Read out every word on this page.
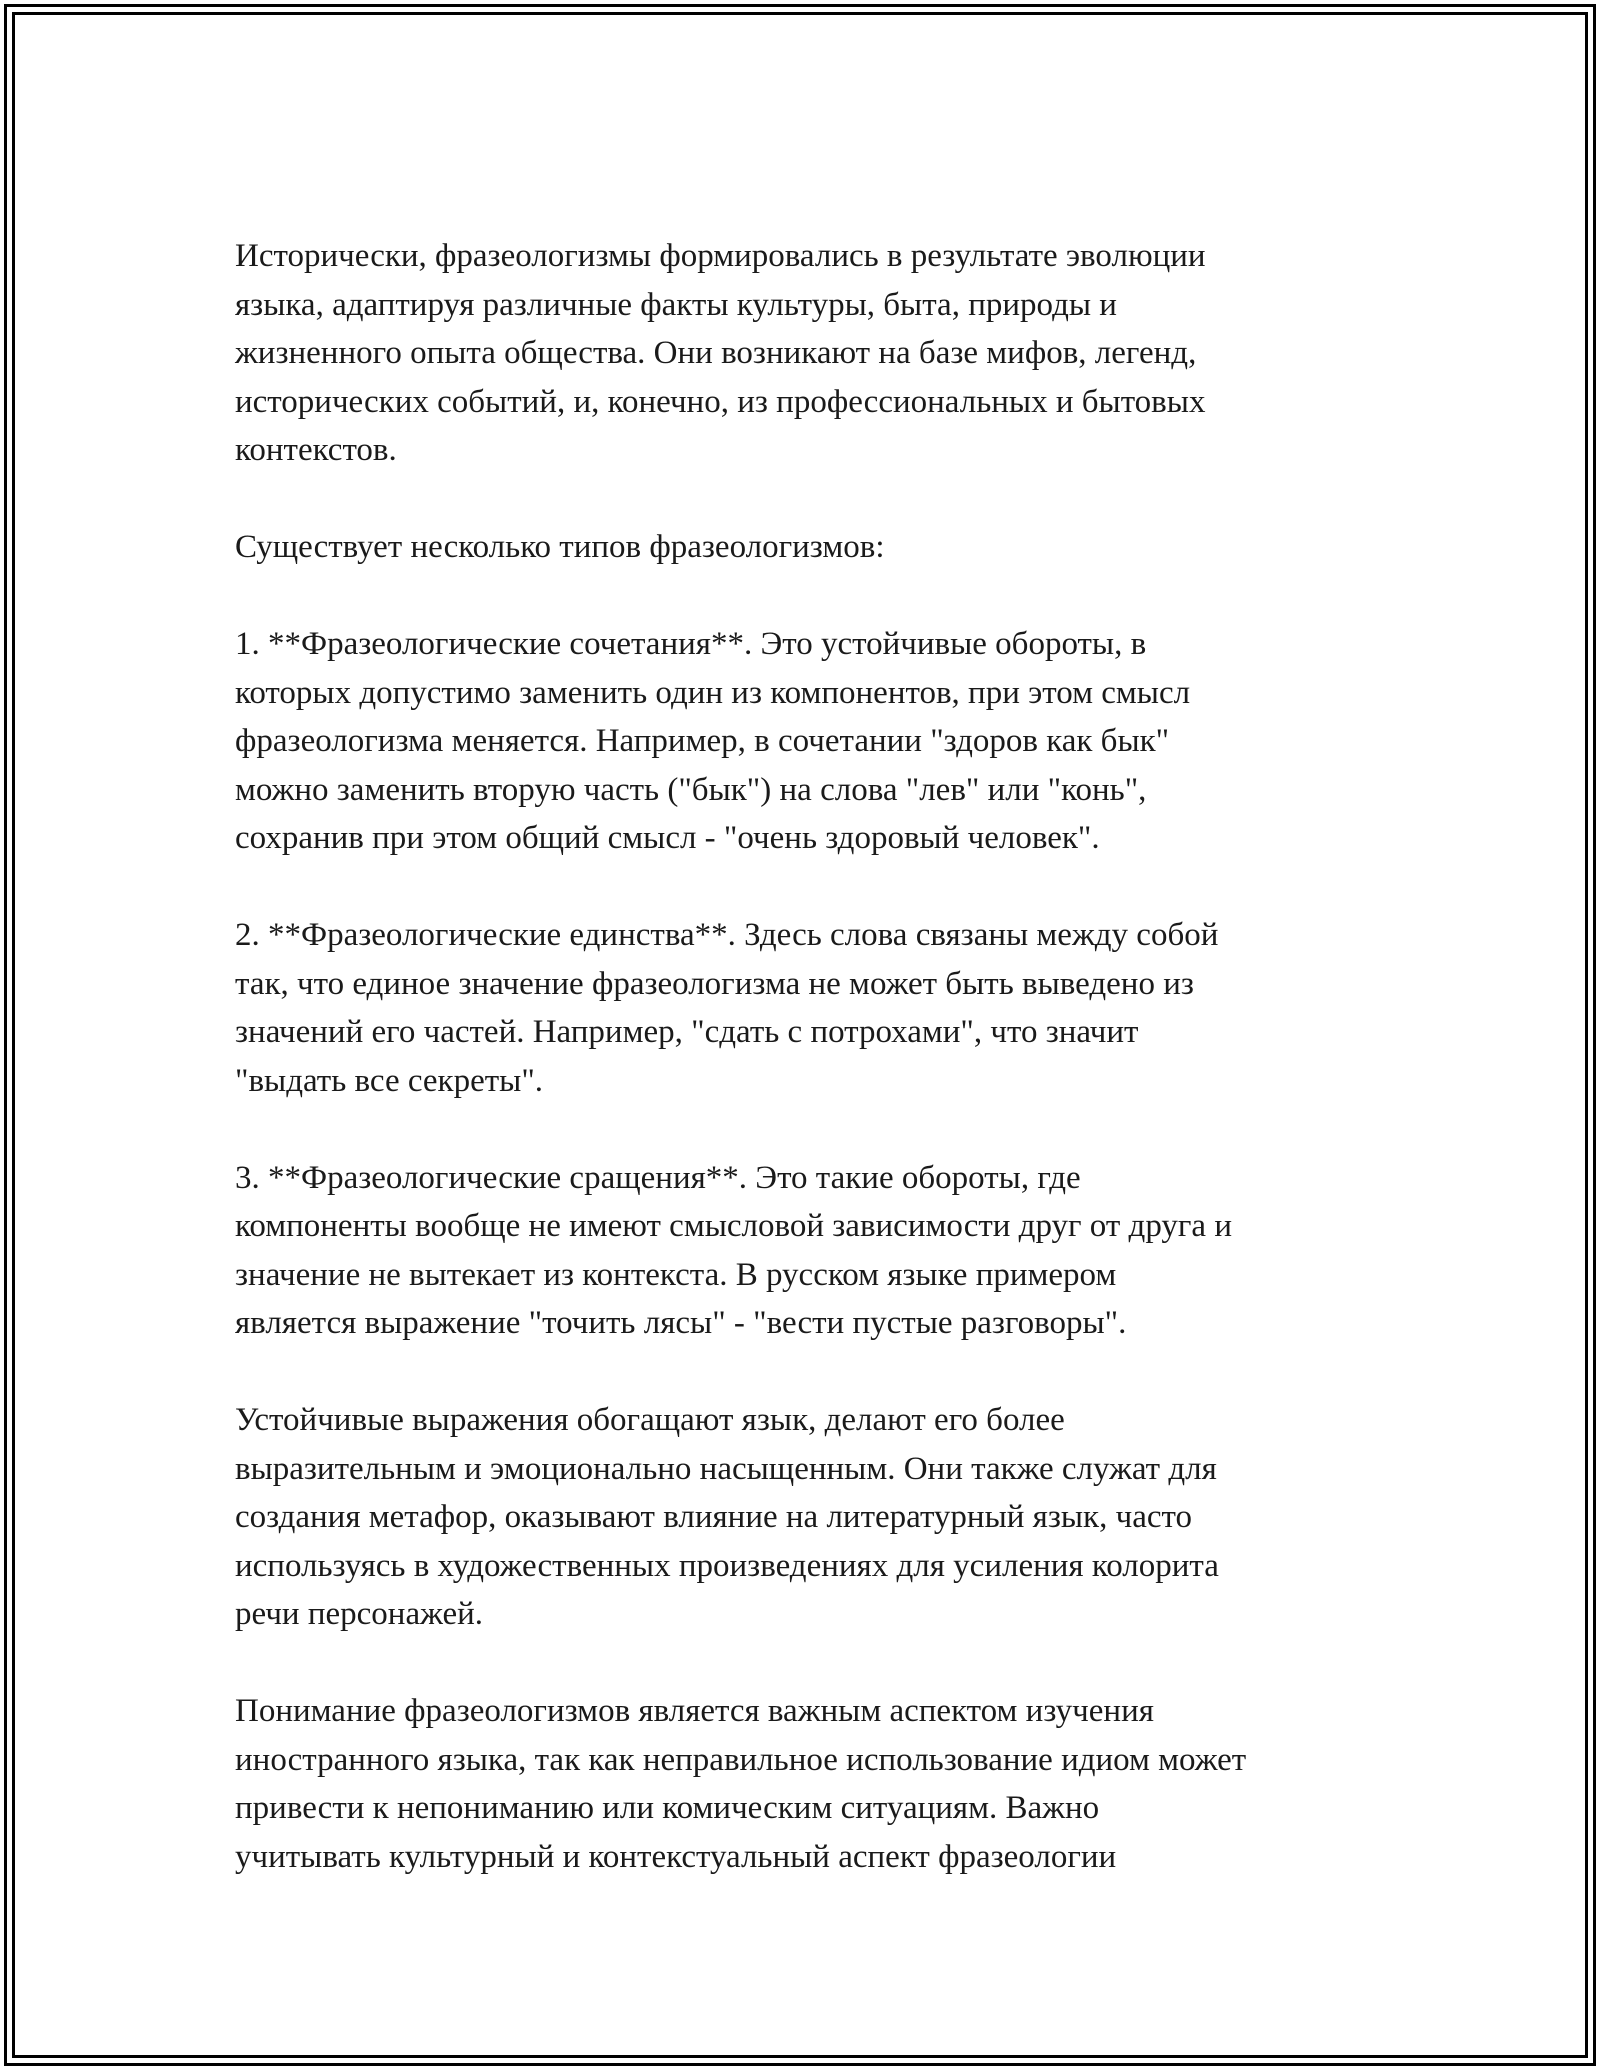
Исторически, фразеологизмы формировались в результате эволюции
языка, адаптируя различные факты культуры, быта, природы и
жизненного опыта общества. Они возникают на базе мифов, легенд,
исторических событий, и, конечно, из профессиональных и бытовых
контекстов.

Существует несколько типов фразеологизмов:

1. **Фразеологические сочетания**. Это устойчивые обороты, в
которых допустимо заменить один из компонентов, при этом смысл
фразеологизма меняется. Например, в сочетании "здоров как бык"
можно заменить вторую часть ("бык") на слова "лев" или "конь",
сохранив при этом общий смысл - "очень здоровый человек".

2. **Фразеологические единства**. Здесь слова связаны между собой
так, что единое значение фразеологизма не может быть выведено из
значений его частей. Например, "сдать с потрохами", что значит
"выдать все секреты".

3. **Фразеологические сращения**. Это такие обороты, где
компоненты вообще не имеют смысловой зависимости друг от друга и
значение не вытекает из контекста. В русском языке примером
является выражение "точить лясы" - "вести пустые разговоры".

Устойчивые выражения обогащают язык, делают его более
выразительным и эмоционально насыщенным. Они также служат для
создания метафор, оказывают влияние на литературный язык, часто
используясь в художественных произведениях для усиления колорита
речи персонажей.

Понимание фразеологизмов является важным аспектом изучения
иностранного языка, так как неправильное использование идиом может
привести к непониманию или комическим ситуациям. Важно
учитывать культурный и контекстуальный аспект фразеологии
